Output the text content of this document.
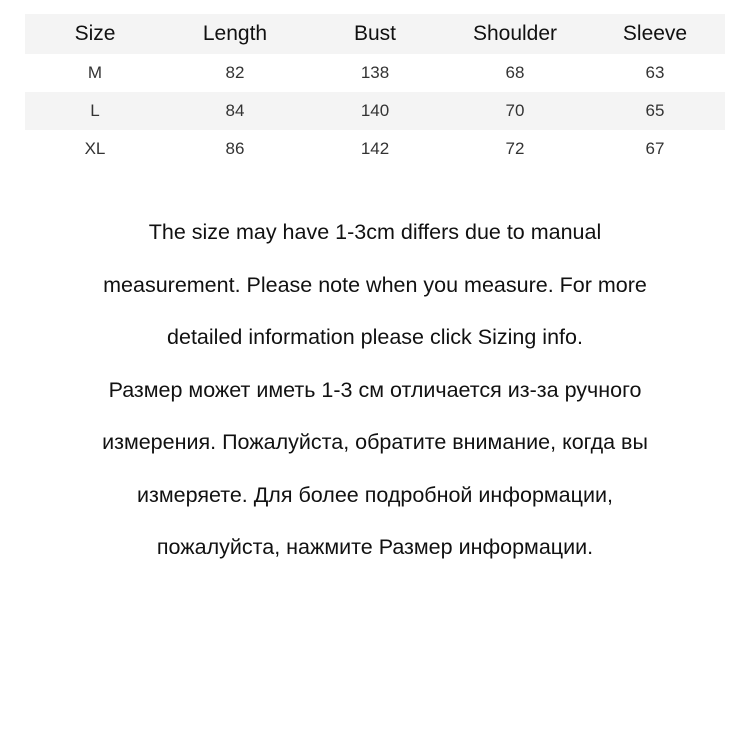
Size	Length	Bust	Shoulder	Sleeve
M	82	138	68	63
L	84	140	70	65
XL	86	142	72	67
The size may have 1-3cm differs due to manual
measurement. Please note when you measure. For more
detailed information please click Sizing info.
Размер может иметь 1-3 см отличается из-за ручного
измерения. Пожалуйста, обратите внимание, когда вы
измеряете. Для более подробной информации,
пожалуйста, нажмите Размер информации.
